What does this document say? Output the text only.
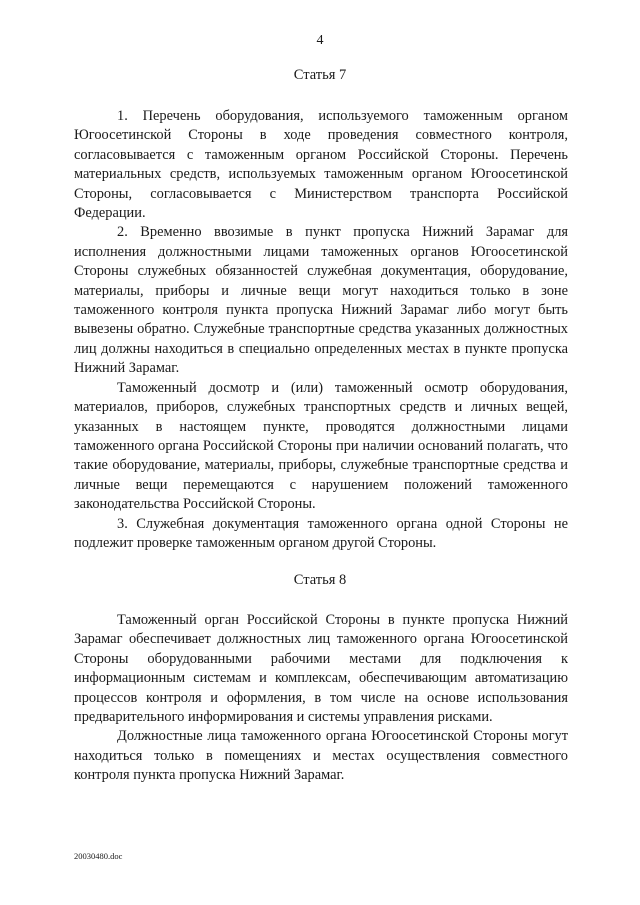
4
Статья 7

1. Перечень оборудования, используемого таможенным органом Югоосетинской Стороны в ходе проведения совместного контроля, согласовывается с таможенным органом Российской Стороны. Перечень материальных средств, используемых таможенным органом Югоосетинской Стороны, согласовывается с Министерством транспорта Российской Федерации.

2. Временно ввозимые в пункт пропуска Нижний Зарамаг для исполнения должностными лицами таможенных органов Югоосетинской Стороны служебных обязанностей служебная документация, оборудование, материалы, приборы и личные вещи могут находиться только в зоне таможенного контроля пункта пропуска Нижний Зарамаг либо могут быть вывезены обратно. Служебные транспортные средства указанных должностных лиц должны находиться в специально определенных местах в пункте пропуска Нижний Зарамаг.

Таможенный досмотр и (или) таможенный осмотр оборудования, материалов, приборов, служебных транспортных средств и личных вещей, указанных в настоящем пункте, проводятся должностными лицами таможенного органа Российской Стороны при наличии оснований полагать, что такие оборудование, материалы, приборы, служебные транспортные средства и личные вещи перемещаются с нарушением положений таможенного законодательства Российской Стороны.

3. Служебная документация таможенного органа одной Стороны не подлежит проверке таможенным органом другой Стороны.

Статья 8

Таможенный орган Российской Стороны в пункте пропуска Нижний Зарамаг обеспечивает должностных лиц таможенного органа Югоосетинской Стороны оборудованными рабочими местами для подключения к информационным системам и комплексам, обеспечивающим автоматизацию процессов контроля и оформления, в том числе на основе использования предварительного информирования и системы управления рисками.

Должностные лица таможенного органа Югоосетинской Стороны могут находиться только в помещениях и местах осуществления совместного контроля пункта пропуска Нижний Зарамаг.

20030480.doc
